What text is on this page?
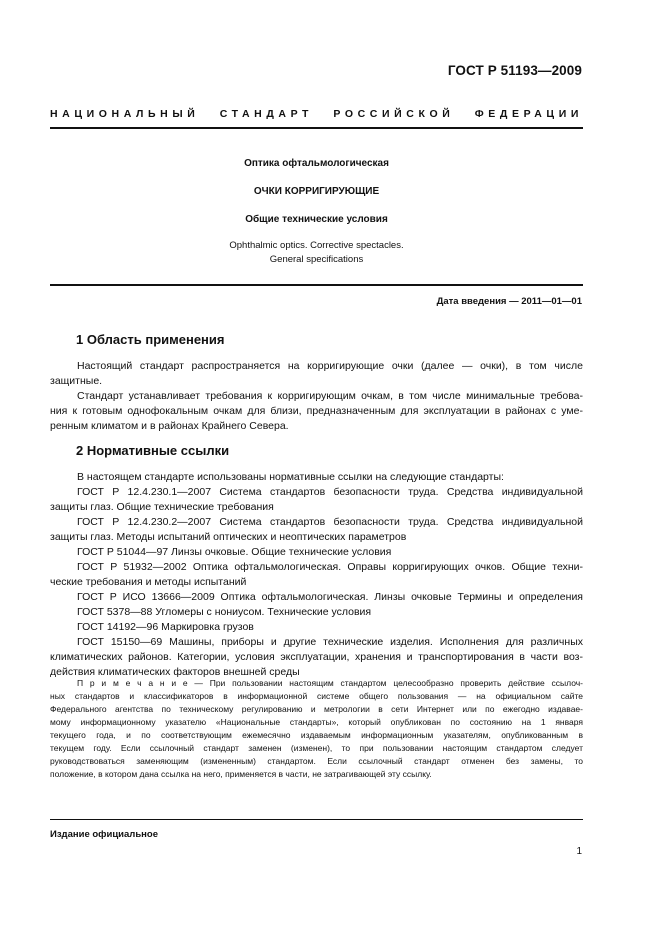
ГОСТ Р 51193—2009
НАЦИОНАЛЬНЫЙ СТАНДАРТ РОССИЙСКОЙ ФЕДЕРАЦИИ
Оптика офтальмологическая
ОЧКИ КОРРИГИРУЮЩИЕ
Общие технические условия
Ophthalmic optics. Corrective spectacles.
General specifications
Дата введения — 2011—01—01
1 Область применения
Настоящий стандарт распространяется на корригирующие очки (далее — очки), в том числе
защитные.
Стандарт устанавливает требования к корригирующим очкам, в том числе минимальные требова-
ния к готовым однофокальным очкам для близи, предназначенным для эксплуатации в районах с уме-
ренным климатом и в районах Крайнего Севера.
2 Нормативные ссылки
В настоящем стандарте использованы нормативные ссылки на следующие стандарты:
ГОСТ Р 12.4.230.1—2007 Система стандартов безопасности труда. Средства индивидуальной
защиты глаз. Общие технические требования
ГОСТ Р 12.4.230.2—2007 Система стандартов безопасности труда. Средства индивидуальной
защиты глаз. Методы испытаний оптических и неоптических параметров
ГОСТ Р 51044—97 Линзы очковые. Общие технические условия
ГОСТ Р 51932—2002 Оптика офтальмологическая. Оправы корригирующих очков. Общие техни-
ческие требования и методы испытаний
ГОСТ Р ИСО 13666—2009 Оптика офтальмологическая. Линзы очковые Термины и определения
ГОСТ 5378—88 Угломеры с нониусом. Технические условия
ГОСТ 14192—96 Маркировка грузов
ГОСТ 15150—69 Машины, приборы и другие технические изделия. Исполнения для различных
климатических районов. Категории, условия эксплуатации, хранения и транспортирования в части воз-
действия климатических факторов внешней среды
П р и м е ч а н и е — При пользовании настоящим стандартом целесообразно проверить действие ссылоч-
ных стандартов и классификаторов в информационной системе общего пользования — на официальном сайте
Федерального агентства по техническому регулированию и метрологии в сети Интернет или по ежегодно издавае-
мому информационному указателю «Национальные стандарты», который опубликован по состоянию на 1 января
текущего года, и по соответствующим ежемесячно издаваемым информационным указателям, опубликованным в
текущем году. Если ссылочный стандарт заменен (изменен), то при пользовании настоящим стандартом следует
руководствоваться заменяющим (измененным) стандартом. Если ссылочный стандарт отменен без замены, то
положение, в котором дана ссылка на него, применяется в части, не затрагивающей эту ссылку.
Издание официальное
1
